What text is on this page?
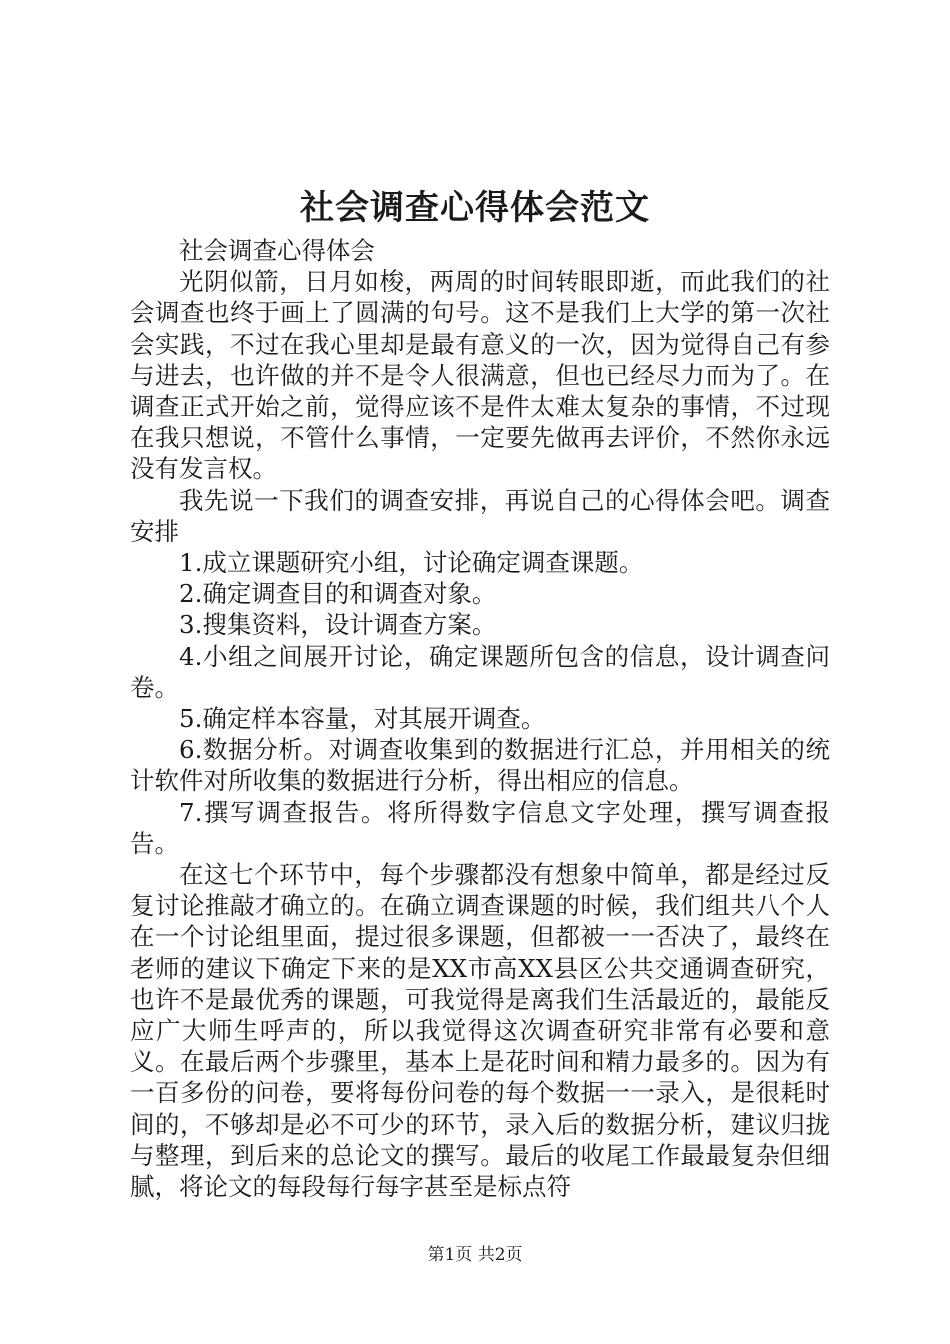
社会调查心得体会范文

社会调查心得体会

光阴似箭，日月如梭，两周的时间转眼即逝，而此我们的社会调查也终于画上了圆满的句号。这不是我们上大学的第一次社会实践，不过在我心里却是最有意义的一次，因为觉得自己有参与进去，也许做的并不是令人很满意，但也已经尽力而为了。在调查正式开始之前，觉得应该不是件太难太复杂的事情，不过现在我只想说，不管什么事情，一定要先做再去评价，不然你永远没有发言权。

我先说一下我们的调查安排，再说自己的心得体会吧。调查安排

1.成立课题研究小组，讨论确定调查课题。

2.确定调查目的和调查对象。

3.搜集资料，设计调查方案。

4.小组之间展开讨论，确定课题所包含的信息，设计调查问卷。

5.确定样本容量，对其展开调查。

6.数据分析。对调查收集到的数据进行汇总，并用相关的统计软件对所收集的数据进行分析，得出相应的信息。

7.撰写调查报告。将所得数字信息文字处理，撰写调查报告。

在这七个环节中，每个步骤都没有想象中简单，都是经过反复讨论推敲才确立的。在确立调查课题的时候，我们组共八个人在一个讨论组里面，提过很多课题，但都被一一否决了，最终在老师的建议下确定下来的是XX市高XX县区公共交通调查研究，也许不是最优秀的课题，可我觉得是离我们生活最近的，最能反应广大师生呼声的，所以我觉得这次调查研究非常有必要和意义。在最后两个步骤里，基本上是花时间和精力最多的。因为有一百多份的问卷，要将每份问卷的每个数据一一录入，是很耗时间的，不够却是必不可少的环节，录入后的数据分析，建议归拢与整理，到后来的总论文的撰写。最后的收尾工作最最复杂但细腻，将论文的每段每行每字甚至是标点符

第1页 共2页
